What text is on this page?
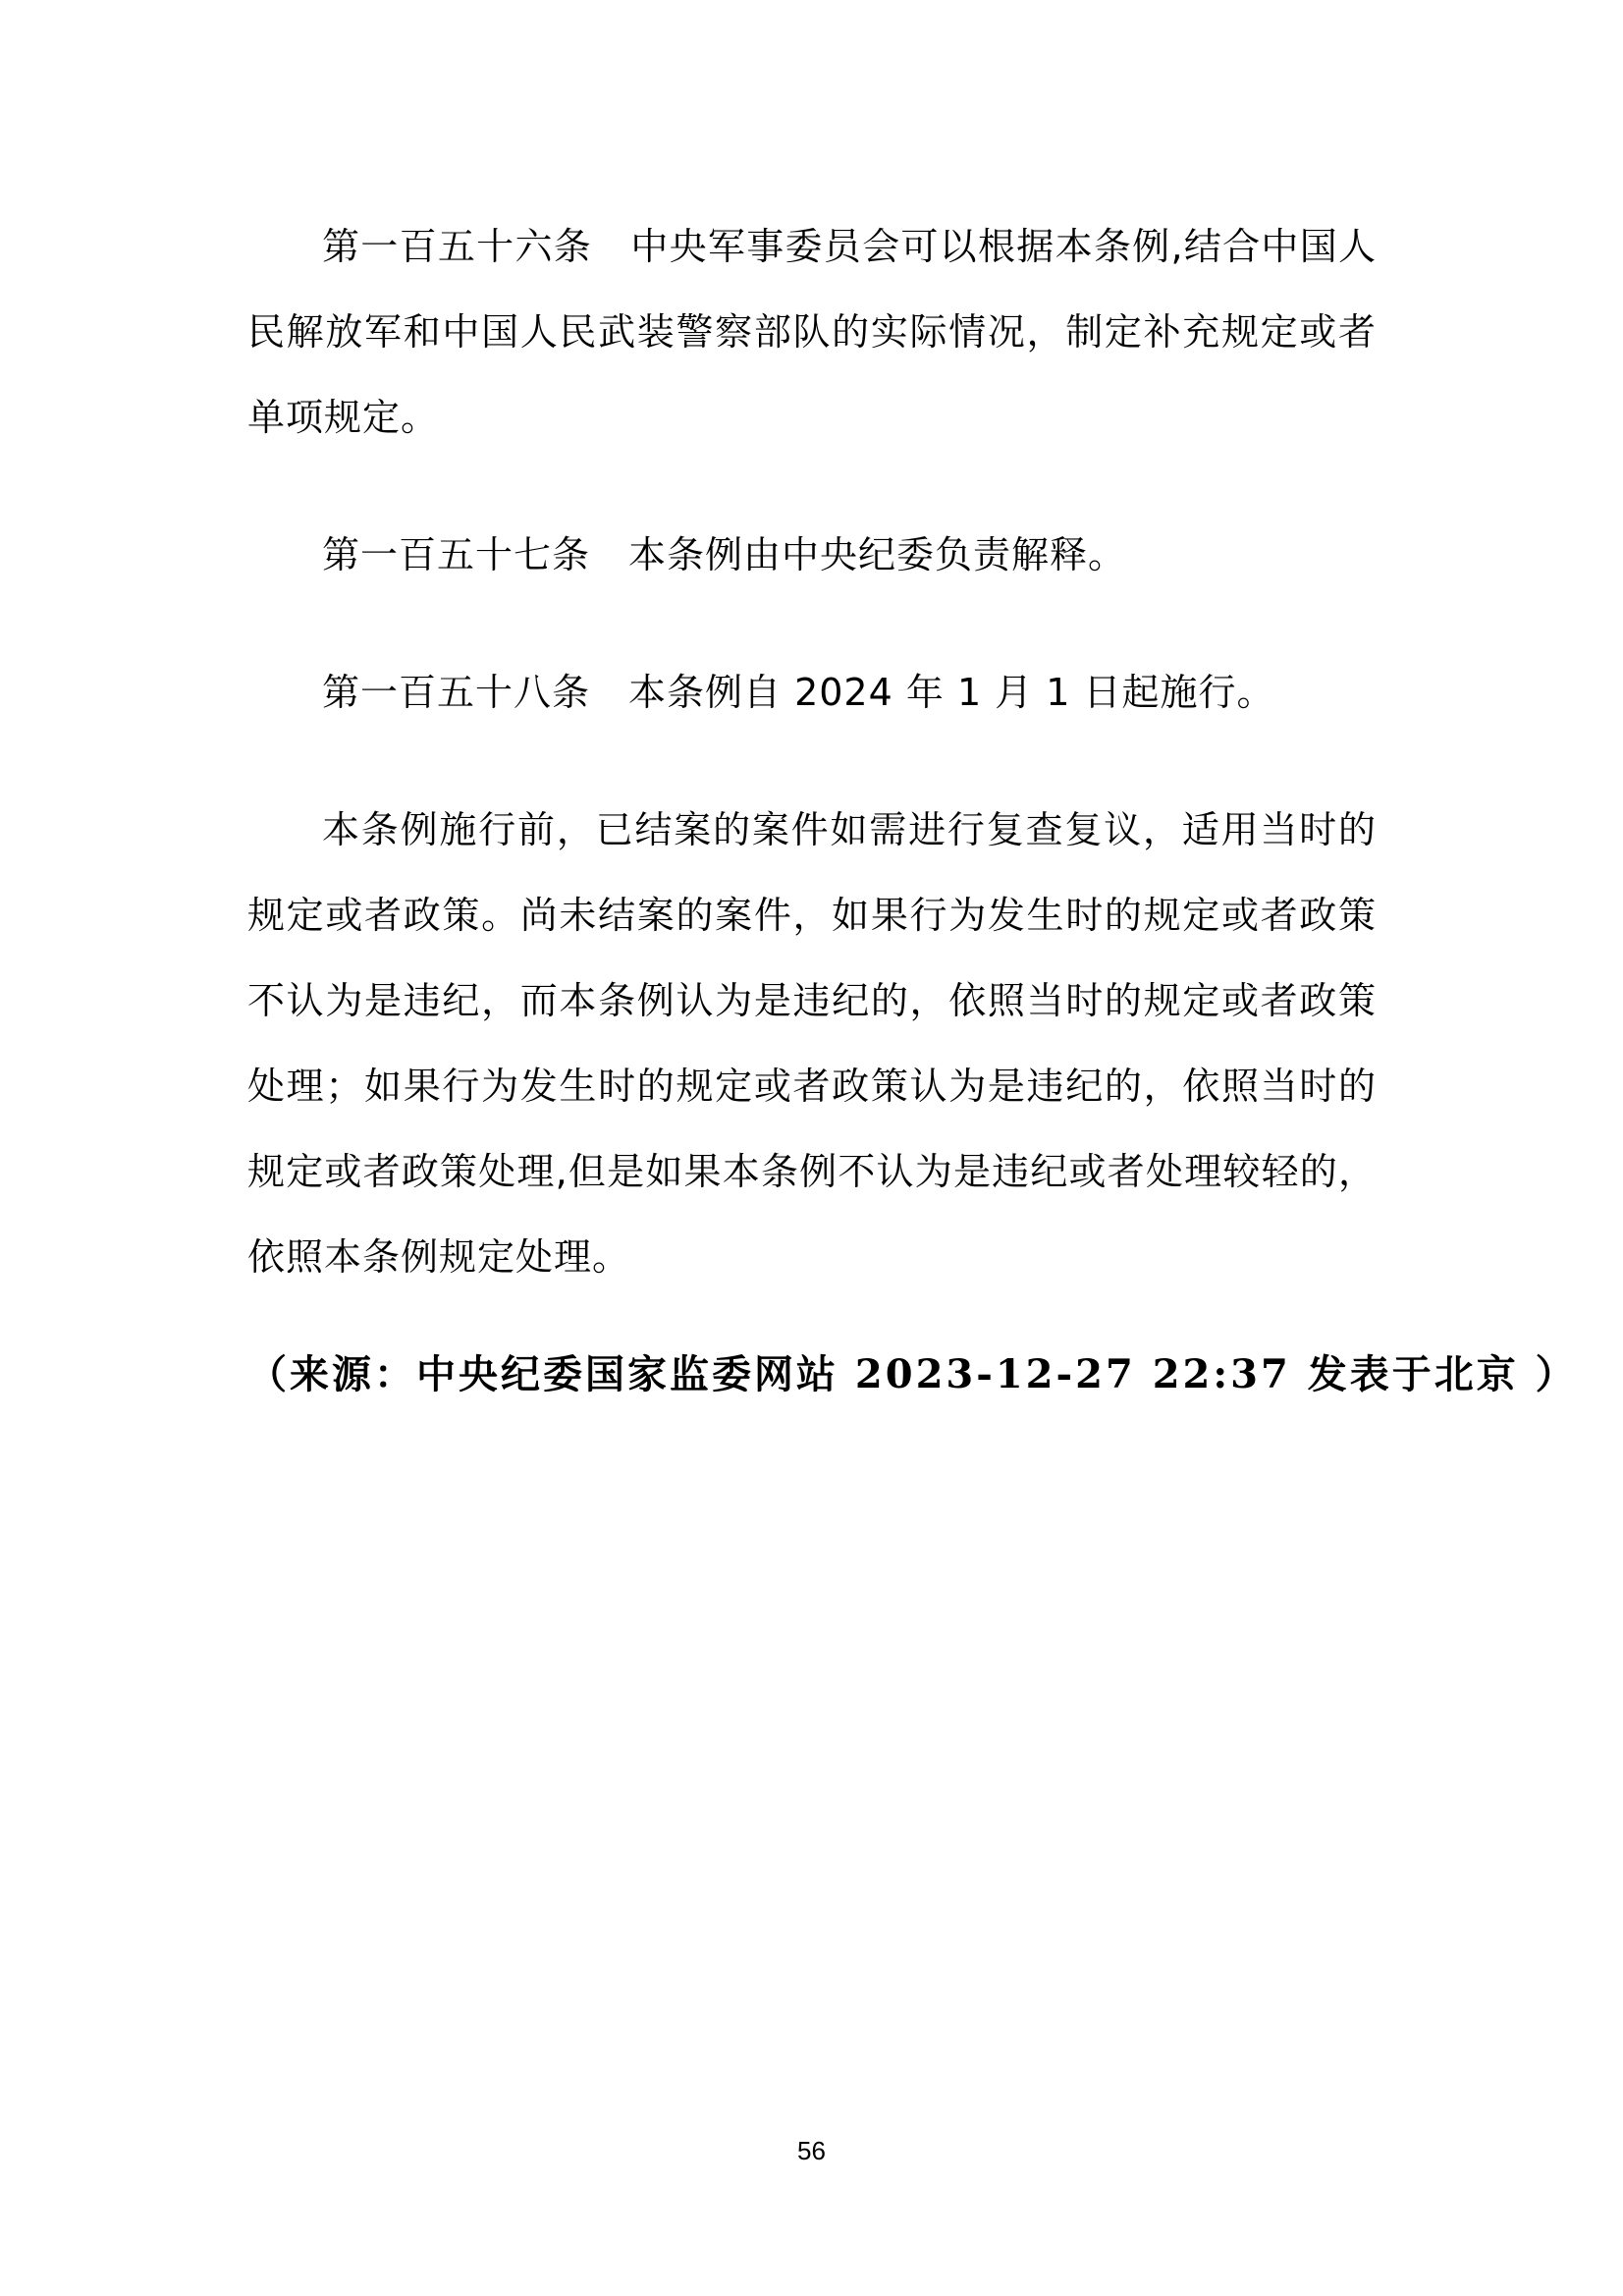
第一百五十六条　中央军事委员会可以根据本条例,结合中国人民解放军和中国人民武装警察部队的实际情况，制定补充规定或者单项规定。

第一百五十七条　本条例由中央纪委负责解释。

第一百五十八条　本条例自 2024 年 1 月 1 日起施行。

本条例施行前，已结案的案件如需进行复查复议，适用当时的规定或者政策。尚未结案的案件，如果行为发生时的规定或者政策不认为是违纪，而本条例认为是违纪的，依照当时的规定或者政策处理；如果行为发生时的规定或者政策认为是违纪的，依照当时的规定或者政策处理,但是如果本条例不认为是违纪或者处理较轻的，依照本条例规定处理。

（来源：中央纪委国家监委网站 2023-12-27 22:37 发表于北京 ）
56
